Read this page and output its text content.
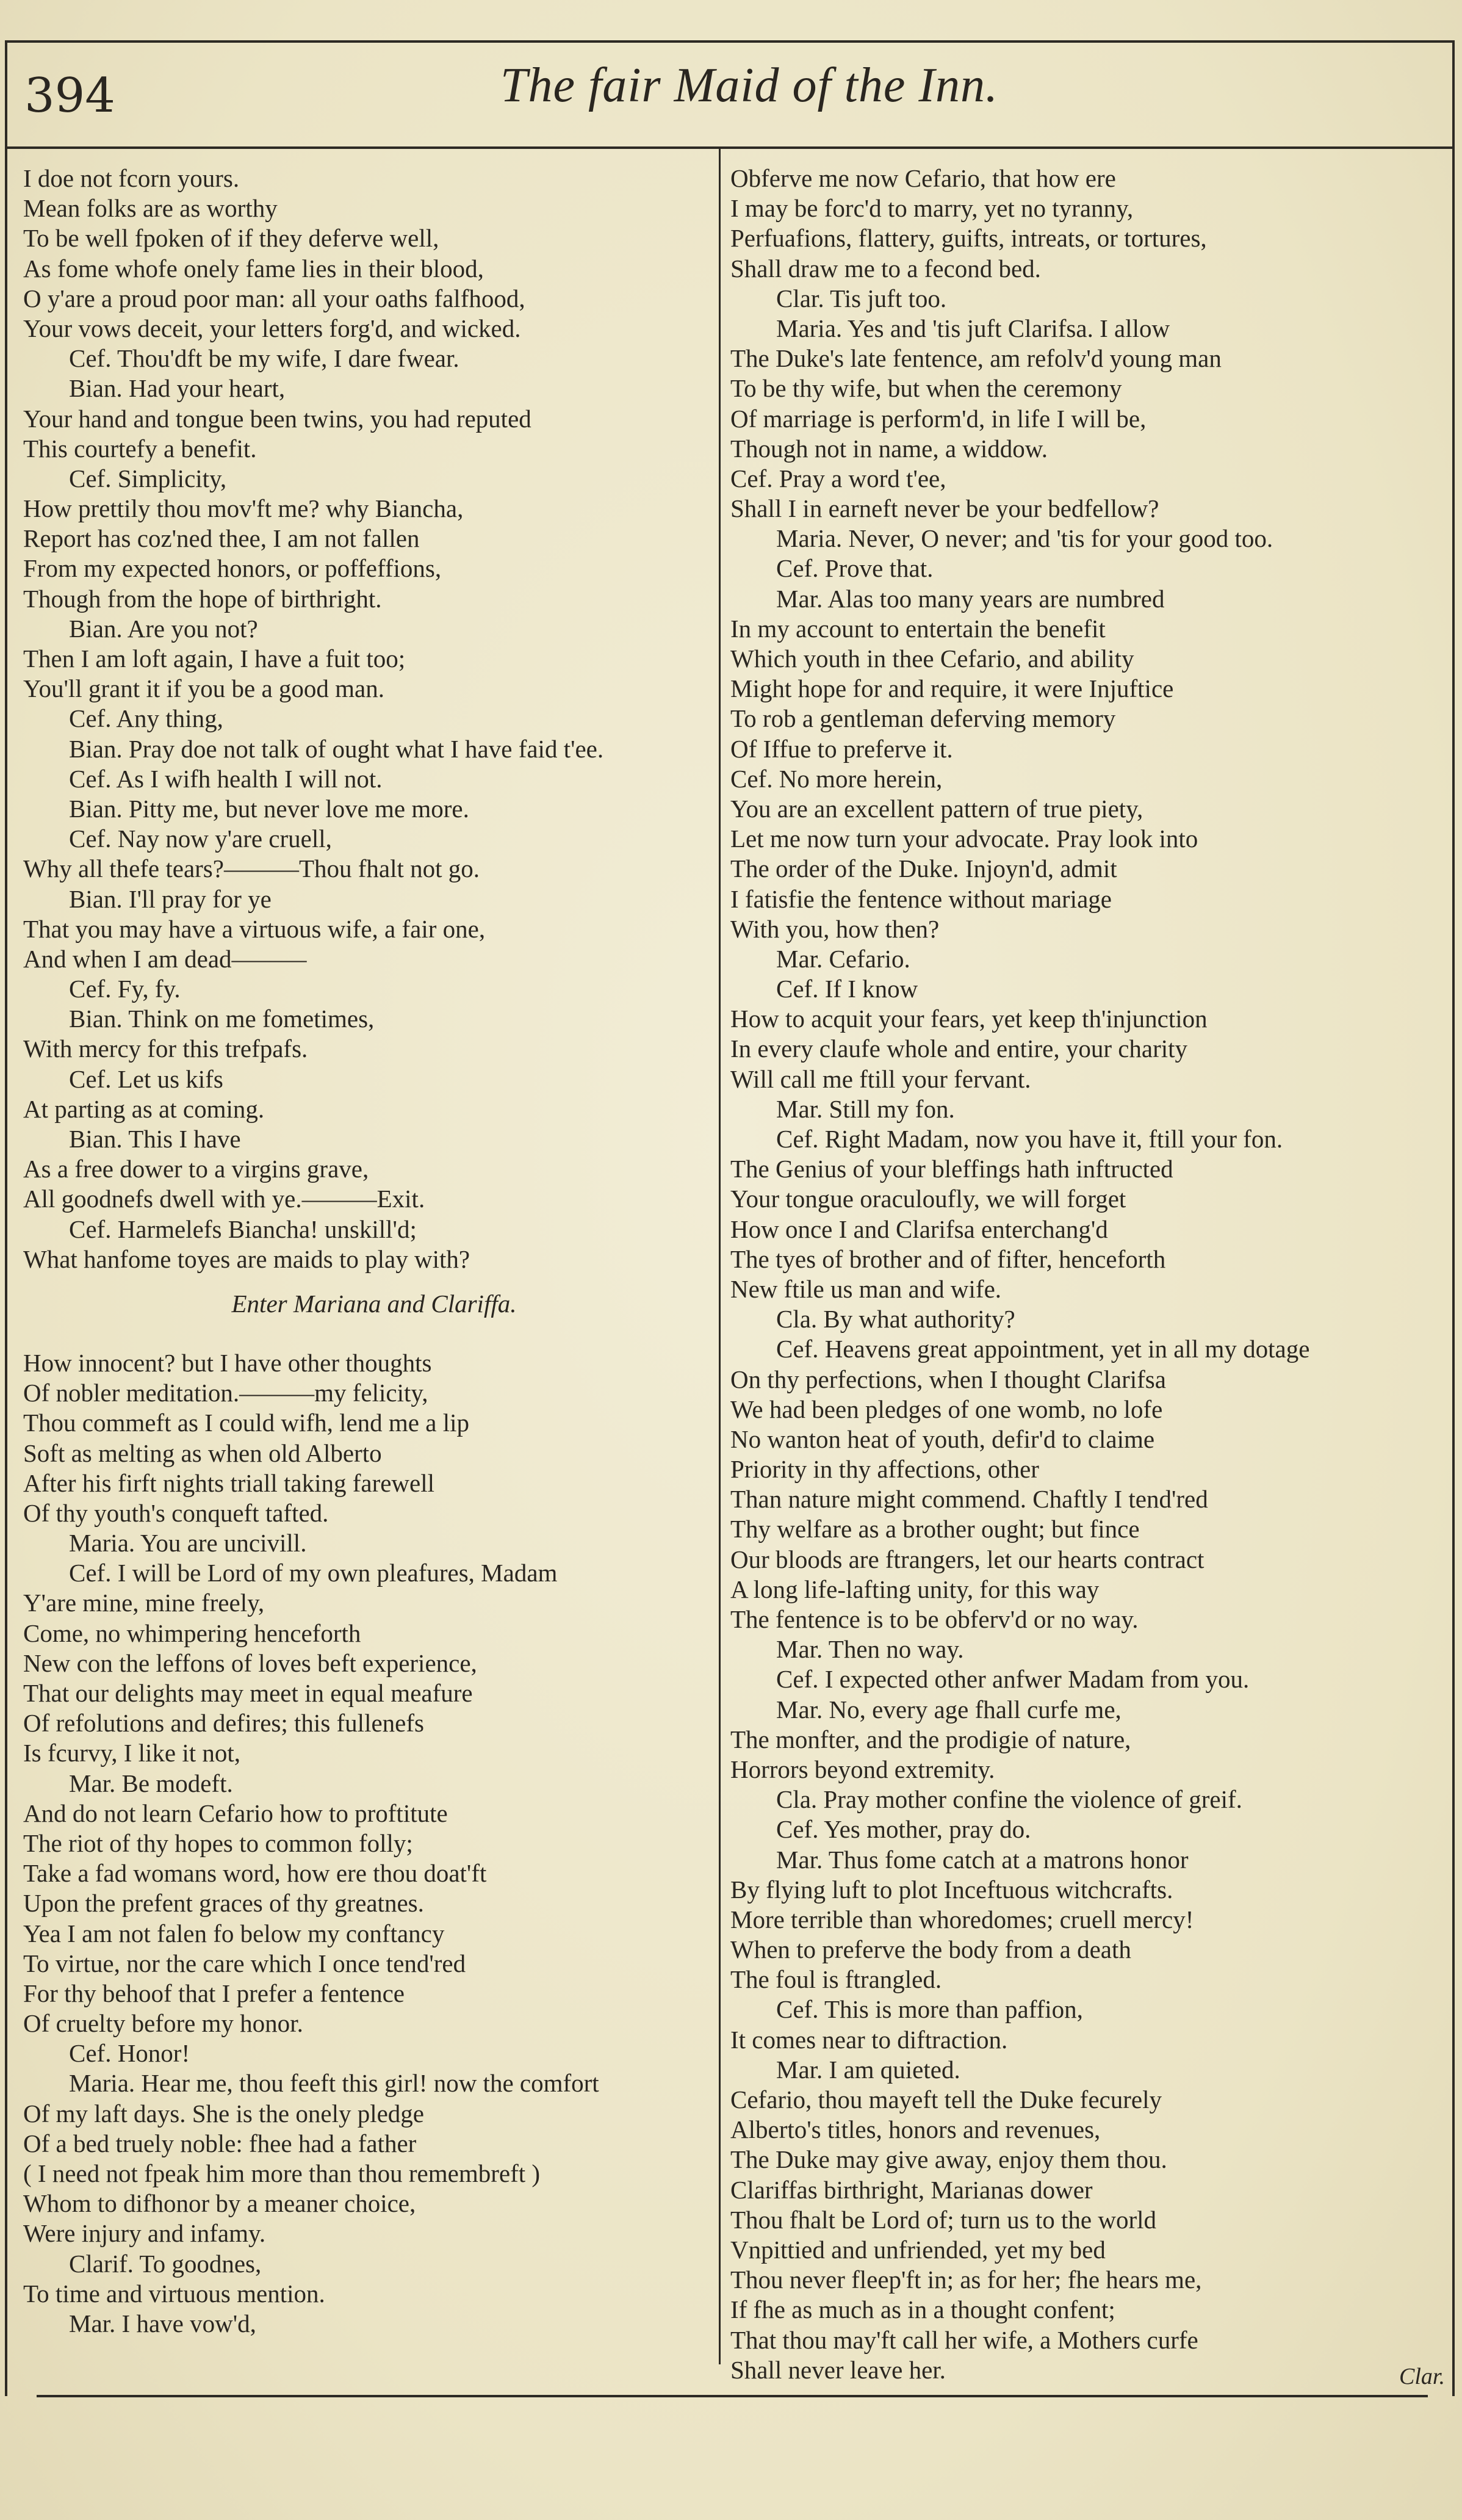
394	The fair Maid of the Inn.
I doe not fcorn yours.
Mean folks are as worthy
To be well fpoken of if they deferve well,
As fome whofe onely fame lies in their blood,
O y'are a proud poor man: all your oaths falfhood,
Your vows deceit, your letters forg'd, and wicked.
Cef. Thou'dft be my wife, I dare fwear.
Bian. Had your heart,
Your hand and tongue been twins, you had reputed
This courtefy a benefit.
Cef. Simplicity,
How prettily thou mov'ft me? why Biancha,
Report has coz'ned thee, I am not fallen
From my expected honors, or poffeffions,
Though from the hope of birthright.
Bian. Are you not?
Then I am loft again, I have a fuit too;
You'll grant it if you be a good man.
Cef. Any thing,
Bian. Pray doe not talk of ought what I have faid t'ee.
Cef. As I wifh health I will not.
Bian. Pitty me, but never love me more.
Cef. Nay now y'are cruell,
Why all thefe tears?———Thou fhalt not go.
Bian. I'll pray for ye
That you may have a virtuous wife, a fair one,
And when I am dead———
Cef. Fy, fy.
Bian. Think on me fometimes,
With mercy for this trefpafs.
Cef. Let us kifs
At parting as at coming.
Bian. This I have
As a free dower to a virgins grave,
All goodnefs dwell with ye.———Exit.
Cef. Harmelefs Biancha! unskill'd;
What hanfome toyes are maids to play with?
Enter Mariana and Clariffa.
How innocent? but I have other thoughts
Of nobler meditation.———my felicity,
Thou commeft as I could wifh, lend me a lip
Soft as melting as when old Alberto
After his firft nights triall taking farewell
Of thy youth's conqueft tafted.
Maria. You are uncivill.
Cef. I will be Lord of my own pleafures, Madam
Y'are mine, mine freely,
Come, no whimpering henceforth
New con the leffons of loves beft experience,
That our delights may meet in equal meafure
Of refolutions and defires; this fullenefs
Is fcurvy, I like it not,
Mar. Be modeft.
And do not learn Cefario how to proftitute
The riot of thy hopes to common folly;
Take a fad womans word, how ere thou doat'ft
Upon the prefent graces of thy greatnes.
Yea I am not falen fo below my conftancy
To virtue, nor the care which I once tend'red
For thy behoof that I prefer a fentence
Of cruelty before my honor.
Cef. Honor!
Maria. Hear me, thou feeft this girl! now the comfort
Of my laft days. She is the onely pledge
Of a bed truely noble: fhee had a father
( I need not fpeak him more than thou remembreft )
Whom to difhonor by a meaner choice,
Were injury and infamy.
Clarif. To goodnes,
To time and virtuous mention.
Mar. I have vow'd,
Obferve me now Cefario, that how ere
I may be forc'd to marry, yet no tyranny,
Perfuafions, flattery, guifts, intreats, or tortures,
Shall draw me to a fecond bed.
Clar. Tis juft too.
Maria. Yes and 'tis juft Clarifsa. I allow
The Duke's late fentence, am refolv'd young man
To be thy wife, but when the ceremony
Of marriage is perform'd, in life I will be,
Though not in name, a widdow.
Cef. Pray a word t'ee,
Shall I in earneft never be your bedfellow?
Maria. Never, O never; and 'tis for your good too.
Cef. Prove that.
Mar. Alas too many years are numbred
In my account to entertain the benefit
Which youth in thee Cefario, and ability
Might hope for and require, it were Injuftice
To rob a gentleman deferving memory
Of Iffue to preferve it.
Cef. No more herein,
You are an excellent pattern of true piety,
Let me now turn your advocate. Pray look into
The order of the Duke. Injoyn'd, admit
I fatisfie the fentence without mariage
With you, how then?
Mar. Cefario.
Cef. If I know
How to acquit your fears, yet keep th'injunction
In every claufe whole and entire, your charity
Will call me ftill your fervant.
Mar. Still my fon.
Cef. Right Madam, now you have it, ftill your fon.
The Genius of your bleffings hath inftructed
Your tongue oraculoufly, we will forget
How once I and Clarifsa enterchang'd
The tyes of brother and of fifter, henceforth
New ftile us man and wife.
Cla. By what authority?
Cef. Heavens great appointment, yet in all my dotage
On thy perfections, when I thought Clarifsa
We had been pledges of one womb, no lofe
No wanton heat of youth, defir'd to claime
Priority in thy affections, other
Than nature might commend. Chaftly I tend'red
Thy welfare as a brother ought; but fince
Our bloods are ftrangers, let our hearts contract
A long life-lafting unity, for this way
The fentence is to be obferv'd or no way.
Mar. Then no way.
Cef. I expected other anfwer Madam from you.
Mar. No, every age fhall curfe me,
The monfter, and the prodigie of nature,
Horrors beyond extremity.
Cla. Pray mother confine the violence of greif.
Cef. Yes mother, pray do.
Mar. Thus fome catch at a matrons honor
By flying luft to plot Inceftuous witchcrafts.
More terrible than whoredomes; cruell mercy!
When to preferve the body from a death
The foul is ftrangled.
Cef. This is more than paffion,
It comes near to diftraction.
Mar. I am quieted.
Cefario, thou mayeft tell the Duke fecurely
Alberto's titles, honors and revenues,
The Duke may give away, enjoy them thou.
Clariffas birthright, Marianas dower
Thou fhalt be Lord of; turn us to the world
Vnpittied and unfriended, yet my bed
Thou never fleep'ft in; as for her; fhe hears me,
If fhe as much as in a thought confent;
That thou may'ft call her wife, a Mothers curfe
Shall never leave her.	Clar.
